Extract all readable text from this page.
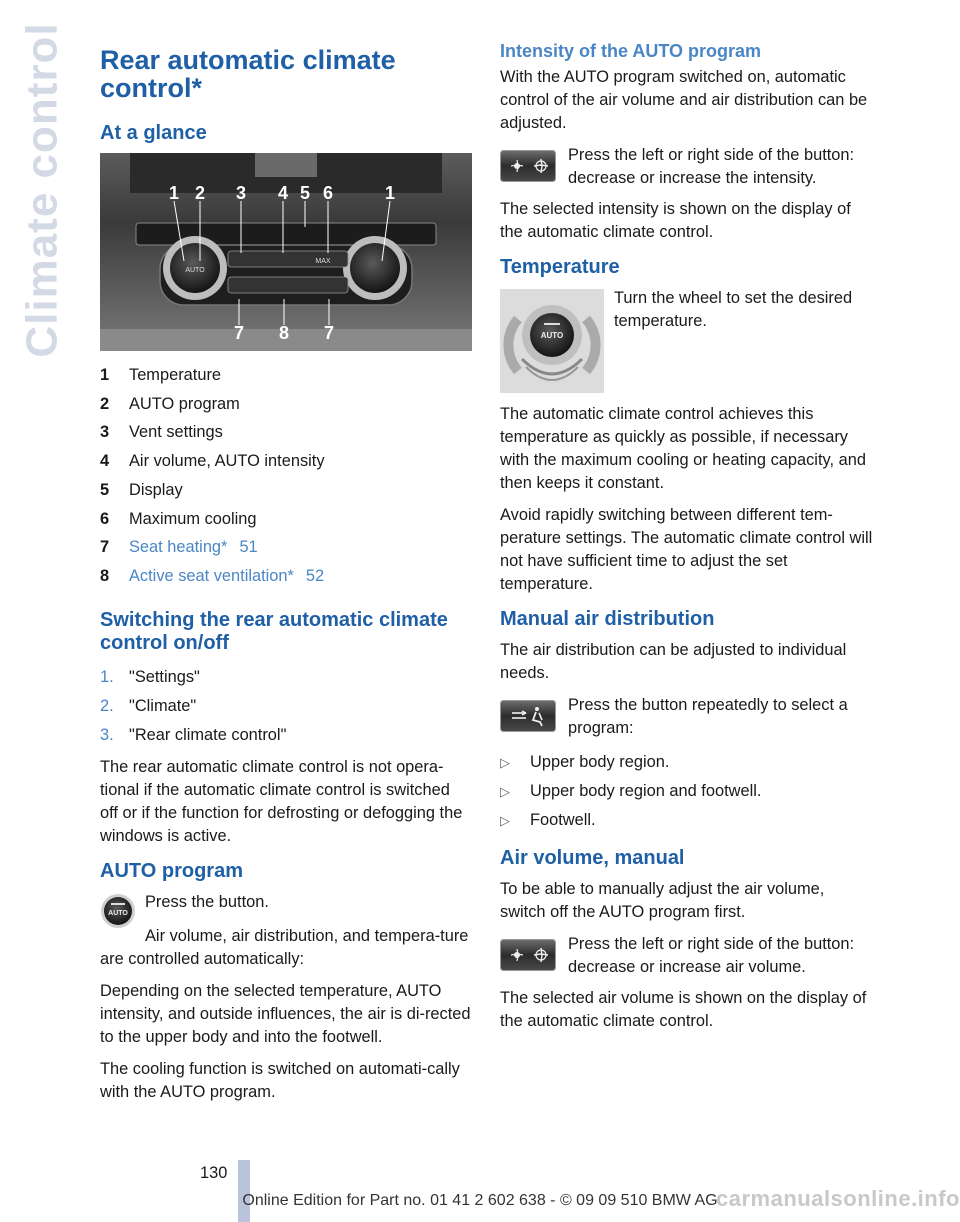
Climate control Rear automatic climate control*
At a glance
AUTO
MAX
1 2 3 4 5 6	1
7 8 7
1	Temperature
2	AUTO program
3	Vent settings
4	Air volume, AUTO intensity
5	Display
6	Maximum cooling
7	Seat heating* 51
8	Active seat ventilation* 52
Switching the rear automatic climate control on/off
1. "Settings"
2. "Climate"
3. "Rear climate control"

The rear automatic climate control is not opera-tional if the automatic climate control is switched off or if the function for defrosting or defogging the windows is active.

AUTO program
AUTO

Press the button.

Air volume, air distribution, and tempera-ture are controlled automatically:

Depending on the selected temperature, AUTO intensity, and outside influences, the air is di-rected to the upper body and into the footwell.

The cooling function is switched on automati-cally with the AUTO program.

Intensity of the AUTO program

With the AUTO program switched on, automatic control of the air volume and air distribution can be adjusted.

Press the left or right side of the button: decrease or increase the intensity.

The selected intensity is shown on the display of the automatic climate control.

Temperature
AUTO

Turn the wheel to set the desired temperature.

The automatic climate control achieves this temperature as quickly as possible, if necessary with the maximum cooling or heating capacity, and then keeps it constant.

Avoid rapidly switching between different tem-perature settings. The automatic climate control will not have sufficient time to adjust the set temperature.

Manual air distribution

The air distribution can be adjusted to individual needs.

Press the button repeatedly to select a program:

▷	Upper body region.
▷	Upper body region and footwell.
▷	Footwell.
Air volume, manual

To be able to manually adjust the air volume, switch off the AUTO program first.

Press the left or right side of the button: decrease or increase air volume.

The selected air volume is shown on the display of the automatic climate control.

130
Online Edition for Part no. 01 41 2 602 638 - © 09 09 510 BMW AG
carmanualsonline.info
